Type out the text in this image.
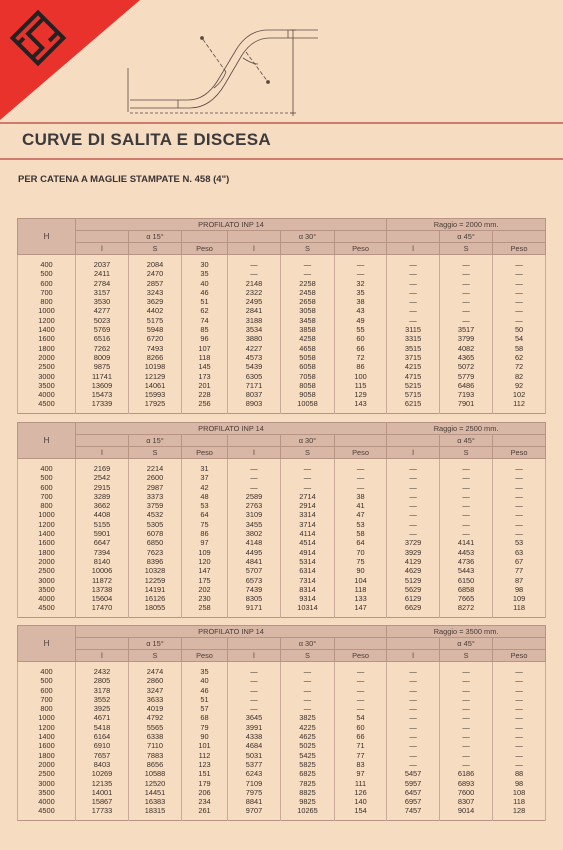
CURVE DI SALITA E DISCESA
PER CATENA A MAGLIE STAMPATE N. 458 (4")
H	PROFILATO INP 14						Raggio = 2000 mm.		
		α 15°			α 30°			α 45°	
	l	S	Peso	l	S	Peso	l	S	Peso
400	2037	2084	30	—	—	—	—	—	—
500	2411	2470	35	—	—	—	—	—	—
600	2784	2857	40	2148	2258	32	—	—	—
700	3157	3243	46	2322	2458	35	—	—	—
800	3530	3629	51	2495	2658	38	—	—	—
1000	4277	4402	62	2841	3058	43	—	—	—
1200	5023	5175	74	3188	3458	49	—	—	—
1400	5769	5948	85	3534	3858	55	3115	3517	50
1600	6516	6720	96	3880	4258	60	3315	3799	54
1800	7262	7493	107	4227	4658	66	3515	4082	58
2000	8009	8266	118	4573	5058	72	3715	4365	62
2500	9875	10198	145	5439	6058	86	4215	5072	72
3000	11741	12129	173	6305	7058	100	4715	5779	82
3500	13609	14061	201	7171	8058	115	5215	6486	92
4000	15473	15993	228	8037	9058	129	5715	7193	102
4500	17339	17925	256	8903	10058	143	6215	7901	112
H	PROFILATO INP 14						Raggio = 2500 mm.		
		α 15°			α 30°			α 45°	
	l	S	Peso	l	S	Peso	l	S	Peso
400	2169	2214	31	—	—	—	—	—	—
500	2542	2600	37	—	—	—	—	—	—
600	2915	2987	42	—	—	—	—	—	—
700	3289	3373	48	2589	2714	38	—	—	—
800	3662	3759	53	2763	2914	41	—	—	—
1000	4408	4532	64	3109	3314	47	—	—	—
1200	5155	5305	75	3455	3714	53	—	—	—
1400	5901	6078	86	3802	4114	58	—	—	—
1600	6647	6850	97	4148	4514	64	3729	4141	53
1800	7394	7623	109	4495	4914	70	3929	4453	63
2000	8140	8396	120	4841	5314	75	4129	4736	67
2500	10006	10328	147	5707	6314	90	4629	5443	77
3000	11872	12259	175	6573	7314	104	5129	6150	87
3500	13738	14191	202	7439	8314	118	5629	6858	98
4000	15604	16126	230	8305	9314	133	6129	7665	109
4500	17470	18055	258	9171	10314	147	6629	8272	118
H	PROFILATO INP 14						Raggio = 3500 mm.		
		α 15°			α 30°			α 45°	
	l	S	Peso	l	S	Peso	l	S	Peso
400	2432	2474	35	—	—	—	—	—	—
500	2805	2860	40	—	—	—	—	—	—
600	3178	3247	46	—	—	—	—	—	—
700	3552	3633	51	—	—	—	—	—	—
800	3925	4019	57	—	—	—	—	—	—
1000	4671	4792	68	3645	3825	54	—	—	—
1200	5418	5565	79	3991	4225	60	—	—	—
1400	6164	6338	90	4338	4625	66	—	—	—
1600	6910	7110	101	4684	5025	71	—	—	—
1800	7657	7883	112	5031	5425	77	—	—	—
2000	8403	8656	123	5377	5825	83	—	—	—
2500	10269	10588	151	6243	6825	97	5457	6186	88
3000	12135	12520	179	7109	7825	111	5957	6893	98
3500	14001	14451	206	7975	8825	126	6457	7600	108
4000	15867	16383	234	8841	9825	140	6957	8307	118
4500	17733	18315	261	9707	10265	154	7457	9014	128
